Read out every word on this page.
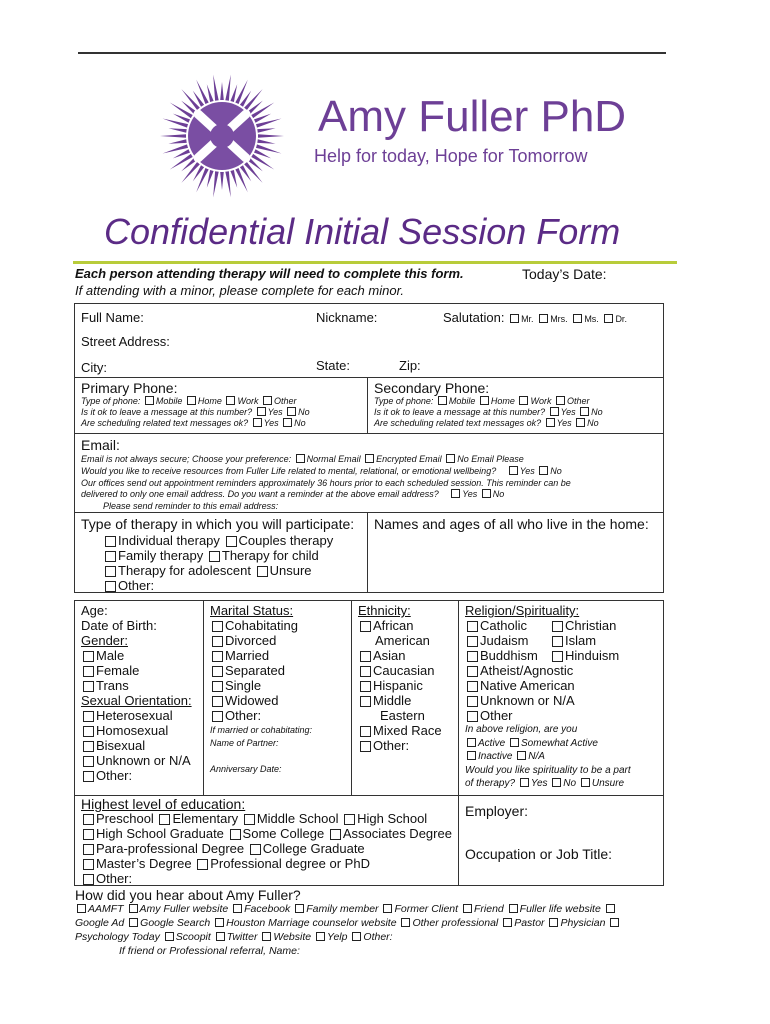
Amy Fuller PhD
Help for today, Hope for Tomorrow
Confidential Initial Session Form
Each person attending therapy will need to complete this form.	Today’s Date:
If attending with a minor, please complete for each minor.
Full Name:	Nickname:	Salutation: Mr. Mrs. Ms. Dr.
Street Address:
City:	State:	Zip:
Primary Phone:
Type of phone: Mobile Home Work Other
Is it ok to leave a message at this number? Yes No
Are scheduling related text messages ok? Yes No
Secondary Phone:
Type of phone: Mobile Home Work Other
Is it ok to leave a message at this number? Yes No
Are scheduling related text messages ok? Yes No
Email:
Email is not always secure; Choose your preference: Normal Email Encrypted Email No Email Please
Would you like to receive resources from Fuller Life related to mental, relational, or emotional wellbeing?	Yes No
Our offices send out appointment reminders approximately 36 hours prior to each scheduled session. This reminder can be
delivered to only one email address. Do you want a reminder at the above email address?	Yes No
Please send reminder to this email address:
Type of therapy in which you will participate:
Individual therapy Couples therapy
Family therapy Therapy for child
Therapy for adolescent Unsure
Other:
Names and ages of all who live in the home:
Age:
Date of Birth:
Gender:
Male
Female
Trans
Sexual Orientation:
Heterosexual
Homosexual
Bisexual
Unknown or N/A
Other:
Marital Status:
Cohabitating
Divorced
Married
Separated
Single
Widowed
Other:
If married or cohabitating:
Name of Partner:
Anniversary Date:
Ethnicity:
African
American
Asian
Caucasian
Hispanic
Middle
Eastern
Mixed Race
Other:
Religion/Spirituality:
Catholic	Christian
Judaism	Islam
Buddhism Hinduism
Atheist/Agnostic
Native American
Unknown or N/A
Other
In above religion, are you
Active Somewhat Active
Inactive N/A
Would you like spirituality to be a part
of therapy? Yes No Unsure
Highest level of education:
Preschool Elementary Middle School High School
High School Graduate Some College Associates Degree
Para-professional Degree College Graduate
Master’s Degree Professional degree or PhD
Other:
Employer:
Occupation or Job Title:
How did you hear about Amy Fuller?
AAMFT Amy Fuller website Facebook Family member Former Client Friend Fuller life website
Google Ad Google Search Houston Marriage counselor website Other professional Pastor Physician
Psychology Today Scoopit Twitter Website Yelp Other:
If friend or Professional referral, Name:
